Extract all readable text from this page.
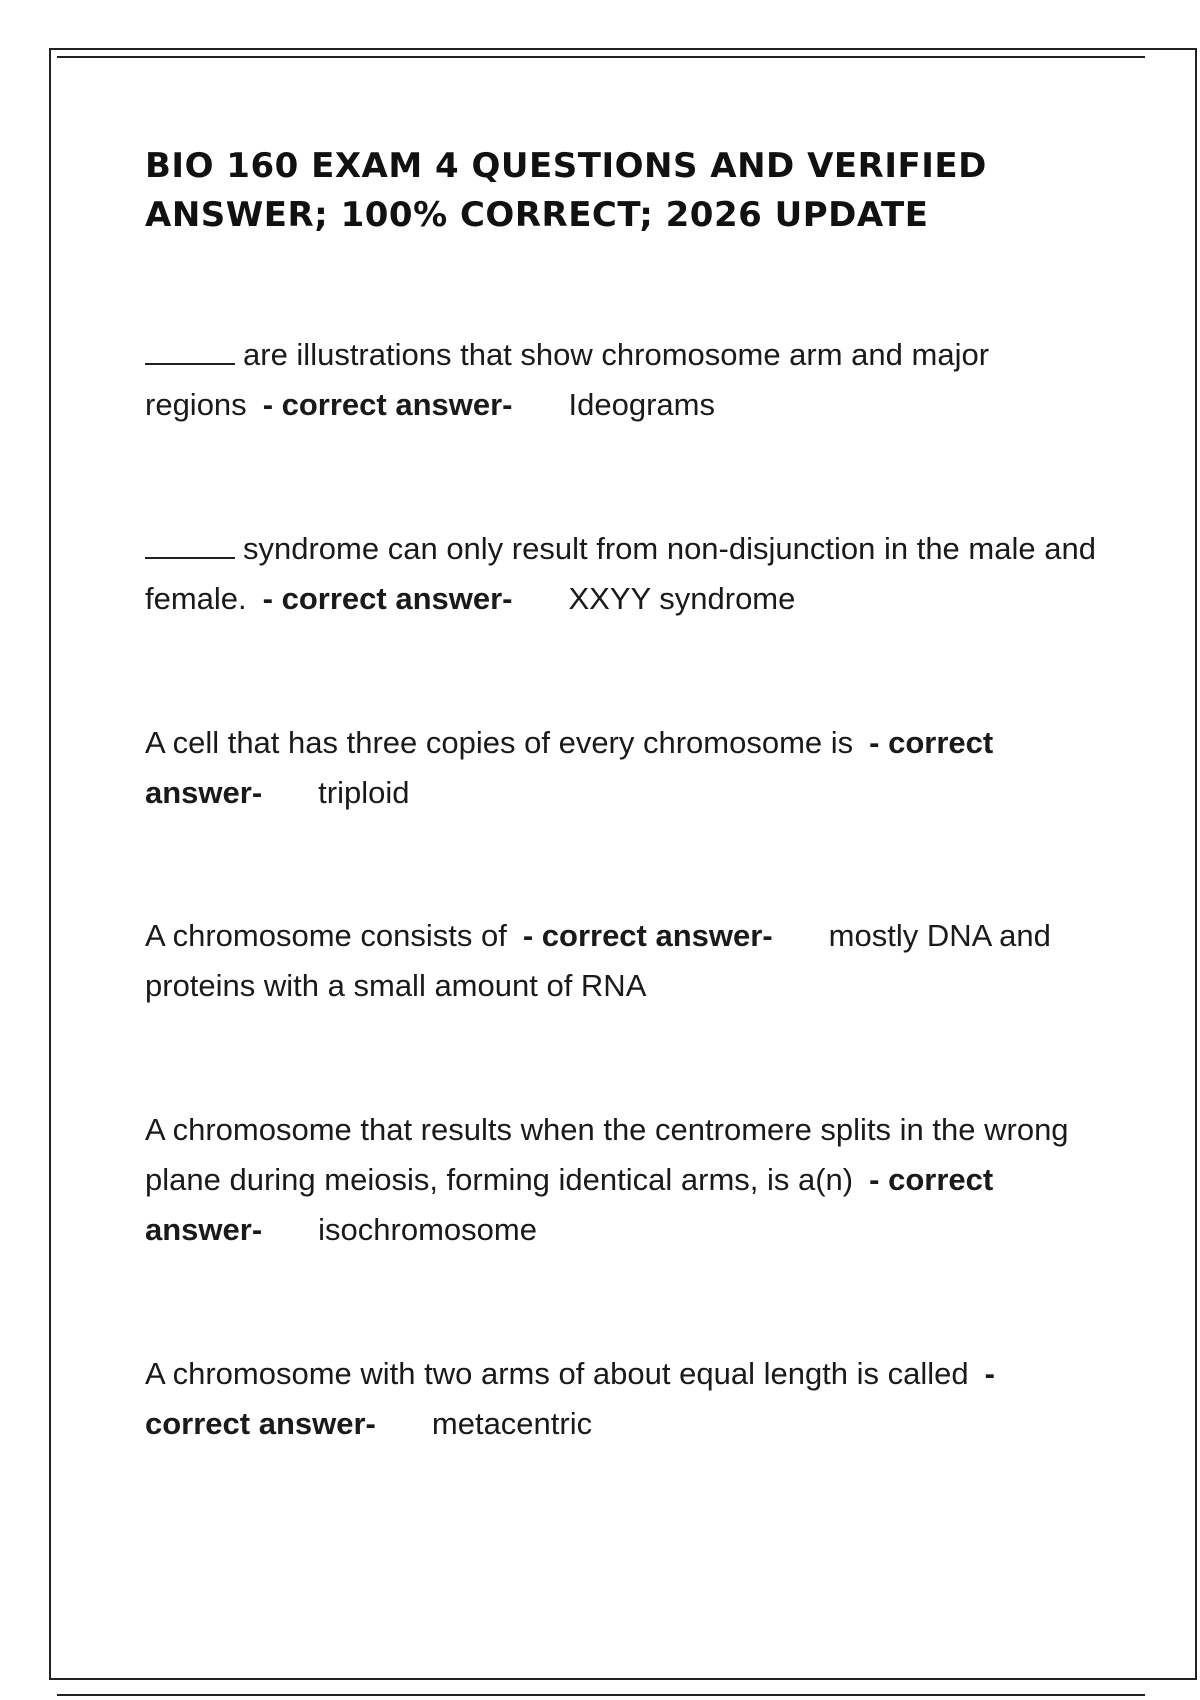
BIO 160 EXAM 4 QUESTIONS AND VERIFIED ANSWER; 100% CORRECT; 2026 UPDATE

are illustrations that show chromosome arm and major regions - correct answer- Ideograms

syndrome can only result from non-disjunction in the male and female. - correct answer- XXYY syndrome

A cell that has three copies of every chromosome is - correct answer- triploid

A chromosome consists of - correct answer- mostly DNA and proteins with a small amount of RNA

A chromosome that results when the centromere splits in the wrong plane during meiosis, forming identical arms, is a(n) - correct answer- isochromosome

A chromosome with two arms of about equal length is called - correct answer- metacentric
